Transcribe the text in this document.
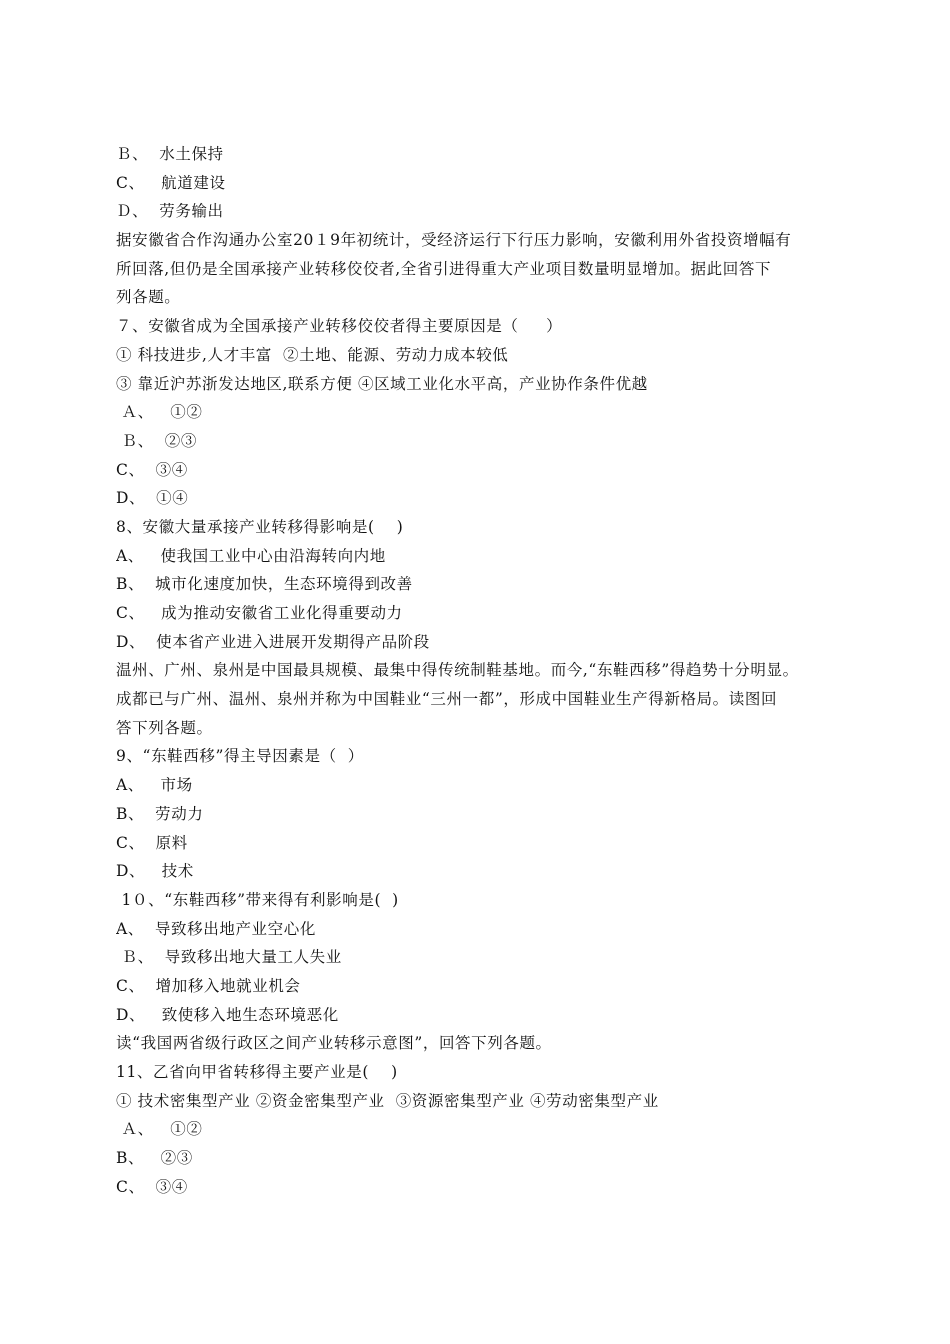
Ｂ、  水土保持
C、   航道建设
Ｄ、  劳务输出
据安徽省合作沟通办公室20１9年初统计，受经济运行下行压力影响，安徽利用外省投资增幅有
所回落,但仍是全国承接产业转移佼佼者,全省引进得重大产业项目数量明显增加。据此回答下
列各题。
７、安徽省成为全国承接产业转移佼佼者得主要原因是（     ）
① 科技进步,人才丰富  ②土地、能源、劳动力成本较低
③ 靠近沪苏浙发达地区,联系方便 ④区域工业化水平高，产业协作条件优越
Ａ、   ①②
Ｂ、  ②③
C、  ③④
D、  ①④
8、安徽大量承接产业转移得影响是(    )
A、   使我国工业中心由沿海转向内地
B、  城市化速度加快，生态环境得到改善
C、   成为推动安徽省工业化得重要动力
D、  使本省产业进入进展开发期得产品阶段
温州、广州、泉州是中国最具规模、最集中得传统制鞋基地。而今,“东鞋西移”得趋势十分明显。
成都已与广州、温州、泉州并称为中国鞋业“三州一都”，形成中国鞋业生产得新格局。读图回
答下列各题。
9、“东鞋西移”得主导因素是（  ）
A、   市场
B、  劳动力
C、  原料
D、   技术
1０、“东鞋西移”带来得有利影响是(  )
A、  导致移出地产业空心化
Ｂ、  导致移出地大量工人失业
C、  增加移入地就业机会
D、   致使移入地生态环境恶化
读“我国两省级行政区之间产业转移示意图”，回答下列各题。
11、乙省向甲省转移得主要产业是(    )
① 技术密集型产业 ②资金密集型产业  ③资源密集型产业 ④劳动密集型产业
Ａ、   ①②
B、   ②③
C、  ③④
